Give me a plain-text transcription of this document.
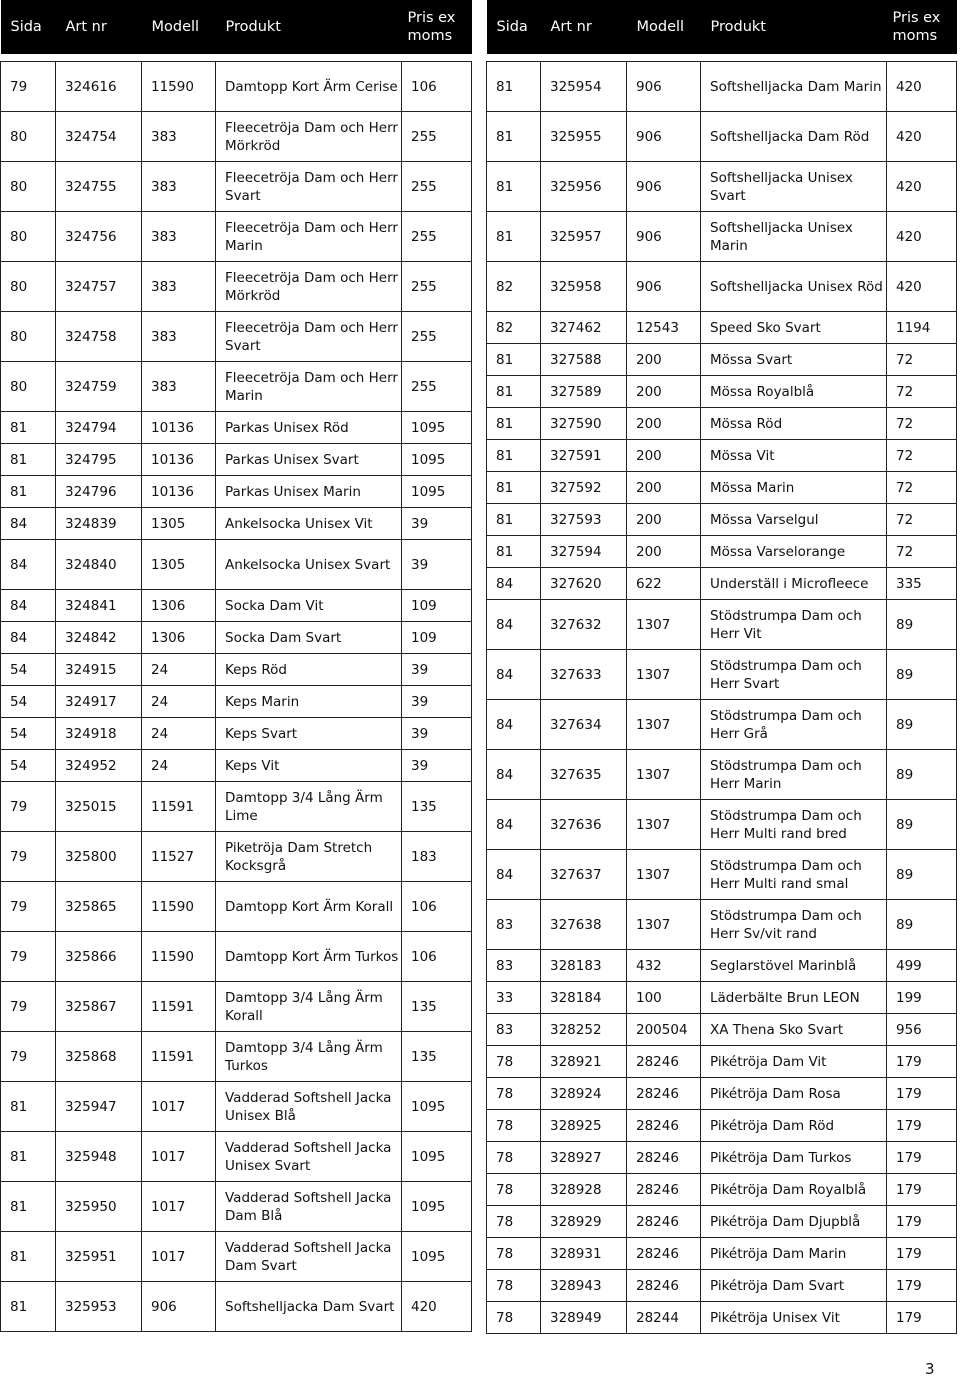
Sida	Art nr	Modell	Produkt	Pris ex moms

79	324616	11590	Damtopp Kort Ärm Cerise	106
80	324754	383	Fleecetröja Dam och Herr Mörkröd	255
80	324755	383	Fleecetröja Dam och Herr Svart	255
80	324756	383	Fleecetröja Dam och Herr Marin	255
80	324757	383	Fleecetröja Dam och Herr Mörkröd	255
80	324758	383	Fleecetröja Dam och Herr Svart	255
80	324759	383	Fleecetröja Dam och Herr Marin	255
81	324794	10136	Parkas Unisex Röd	1095
81	324795	10136	Parkas Unisex Svart	1095
81	324796	10136	Parkas Unisex Marin	1095
84	324839	1305	Ankelsocka Unisex Vit	39
84	324840	1305	Ankelsocka Unisex Svart	39
84	324841	1306	Socka Dam Vit	109
84	324842	1306	Socka Dam Svart	109
54	324915	24	Keps Röd	39
54	324917	24	Keps Marin	39
54	324918	24	Keps Svart	39
54	324952	24	Keps Vit	39
79	325015	11591	Damtopp 3/4 Lång Ärm Lime	135
79	325800	11527	Piketröja Dam Stretch Kocksgrå	183
79	325865	11590	Damtopp Kort Ärm Korall	106
79	325866	11590	Damtopp Kort Ärm Turkos	106
79	325867	11591	Damtopp 3/4 Lång Ärm Korall	135
79	325868	11591	Damtopp 3/4 Lång Ärm Turkos	135
81	325947	1017	Vadderad Softshell Jacka Unisex Blå	1095
81	325948	1017	Vadderad Softshell Jacka Unisex Svart	1095
81	325950	1017	Vadderad Softshell Jacka Dam Blå	1095
81	325951	1017	Vadderad Softshell Jacka Dam Svart	1095
81	325953	906	Softshelljacka Dam Svart	420
Sida	Art nr	Modell	Produkt	Pris ex moms

81	325954	906	Softshelljacka Dam Marin	420
81	325955	906	Softshelljacka Dam Röd	420
81	325956	906	Softshelljacka Unisex Svart	420
81	325957	906	Softshelljacka Unisex Marin	420
82	325958	906	Softshelljacka Unisex Röd	420
82	327462	12543	Speed Sko Svart	1194
81	327588	200	Mössa Svart	72
81	327589	200	Mössa Royalblå	72
81	327590	200	Mössa Röd	72
81	327591	200	Mössa Vit	72
81	327592	200	Mössa Marin	72
81	327593	200	Mössa Varselgul	72
81	327594	200	Mössa Varselorange	72
84	327620	622	Underställ i Microfleece	335
84	327632	1307	Stödstrumpa Dam och Herr Vit	89
84	327633	1307	Stödstrumpa Dam och Herr Svart	89
84	327634	1307	Stödstrumpa Dam och Herr Grå	89
84	327635	1307	Stödstrumpa Dam och Herr Marin	89
84	327636	1307	Stödstrumpa Dam och Herr Multi rand bred	89
84	327637	1307	Stödstrumpa Dam och Herr Multi rand smal	89
83	327638	1307	Stödstrumpa Dam och Herr Sv/vit rand	89
83	328183	432	Seglarstövel Marinblå	499
33	328184	100	Läderbälte Brun LEON	199
83	328252	200504	XA Thena Sko Svart	956
78	328921	28246	Pikétröja Dam Vit	179
78	328924	28246	Pikétröja Dam Rosa	179
78	328925	28246	Pikétröja Dam Röd	179
78	328927	28246	Pikétröja Dam Turkos	179
78	328928	28246	Pikétröja Dam Royalblå	179
78	328929	28246	Pikétröja Dam Djupblå	179
78	328931	28246	Pikétröja Dam Marin	179
78	328943	28246	Pikétröja Dam Svart	179
78	328949	28244	Pikétröja Unisex Vit	179
3
